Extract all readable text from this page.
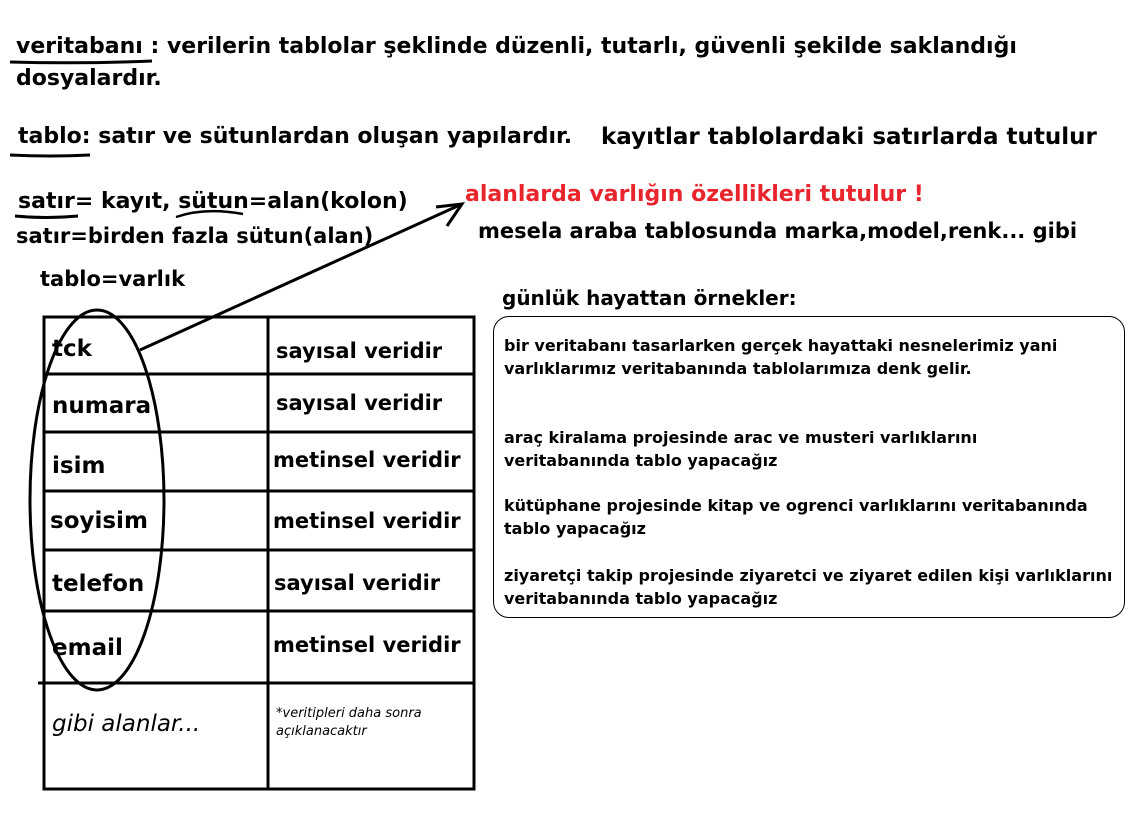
veritabanı : verilerin tablolar şeklinde düzenli, tutarlı, güvenli şekilde saklandığı
dosyalardır.
tablo: satır ve sütunlardan oluşan yapılardır. kayıtlar tablolardaki satırlarda tutulur
satır= kayıt, sütun=alan(kolon)
satır=birden fazla sütun(alan)
tablo=varlık
alanlarda varlığın özellikleri tutulur !
mesela araba tablosunda marka,model,renk... gibi
tck	sayısal veridir
numara	sayısal veridir
isim	metinsel veridir
soyisim	metinsel veridir
telefon	sayısal veridir
email	metinsel veridir
gibi alanlar...	*veritipleri daha sonra
açıklanacaktır
günlük hayattan örnekler:
bir veritabanı tasarlarken gerçek hayattaki nesnelerimiz yani
varlıklarımız veritabanında tablolarımıza denk gelir.
araç kiralama projesinde arac ve musteri varlıklarını
veritabanında tablo yapacağız
kütüphane projesinde kitap ve ogrenci varlıklarını veritabanında
tablo yapacağız
ziyaretçi takip projesinde ziyaretci ve ziyaret edilen kişi varlıklarını
veritabanında tablo yapacağız
